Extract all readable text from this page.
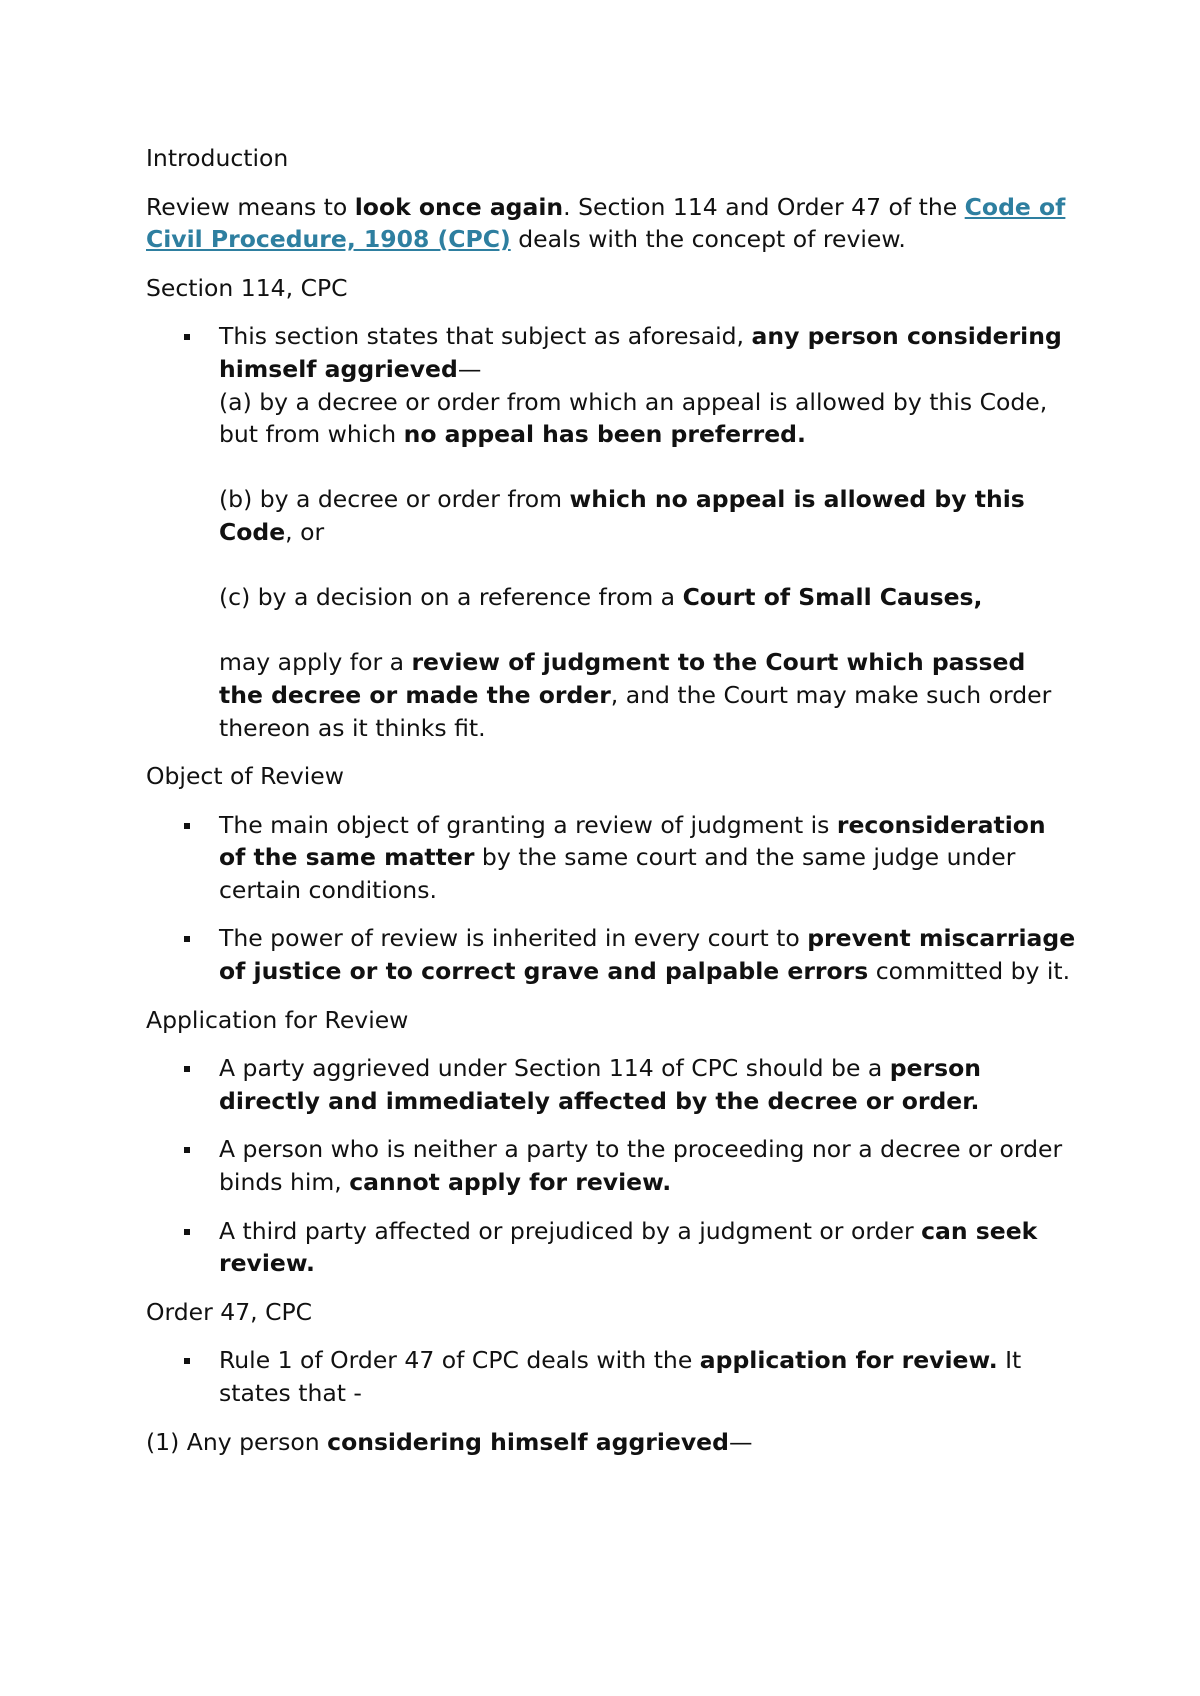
Introduction

Review means to look once again. Section 114 and Order 47 of the Code of Civil Procedure, 1908 (CPC) deals with the concept of review.

Section 114, CPC
This section states that subject as aforesaid, any person considering himself aggrieved—
(a) by a decree or order from which an appeal is allowed by this Code, but from which no appeal has been preferred.
(b) by a decree or order from which no appeal is allowed by this Code, or
(c) by a decision on a reference from a Court of Small Causes,
may apply for a review of judgment to the Court which passed the decree or made the order, and the Court may make such order thereon as it thinks fit.
Object of Review
The main object of granting a review of judgment is reconsideration of the same matter by the same court and the same judge under certain conditions.
The power of review is inherited in every court to prevent miscarriage of justice or to correct grave and palpable errors committed by it.
Application for Review
A party aggrieved under Section 114 of CPC should be a person directly and immediately affected by the decree or order.
A person who is neither a party to the proceeding nor a decree or order binds him, cannot apply for review.
A third party affected or prejudiced by a judgment or order can seek review.
Order 47, CPC
Rule 1 of Order 47 of CPC deals with the application for review. It states that -

(1) Any person considering himself aggrieved—
